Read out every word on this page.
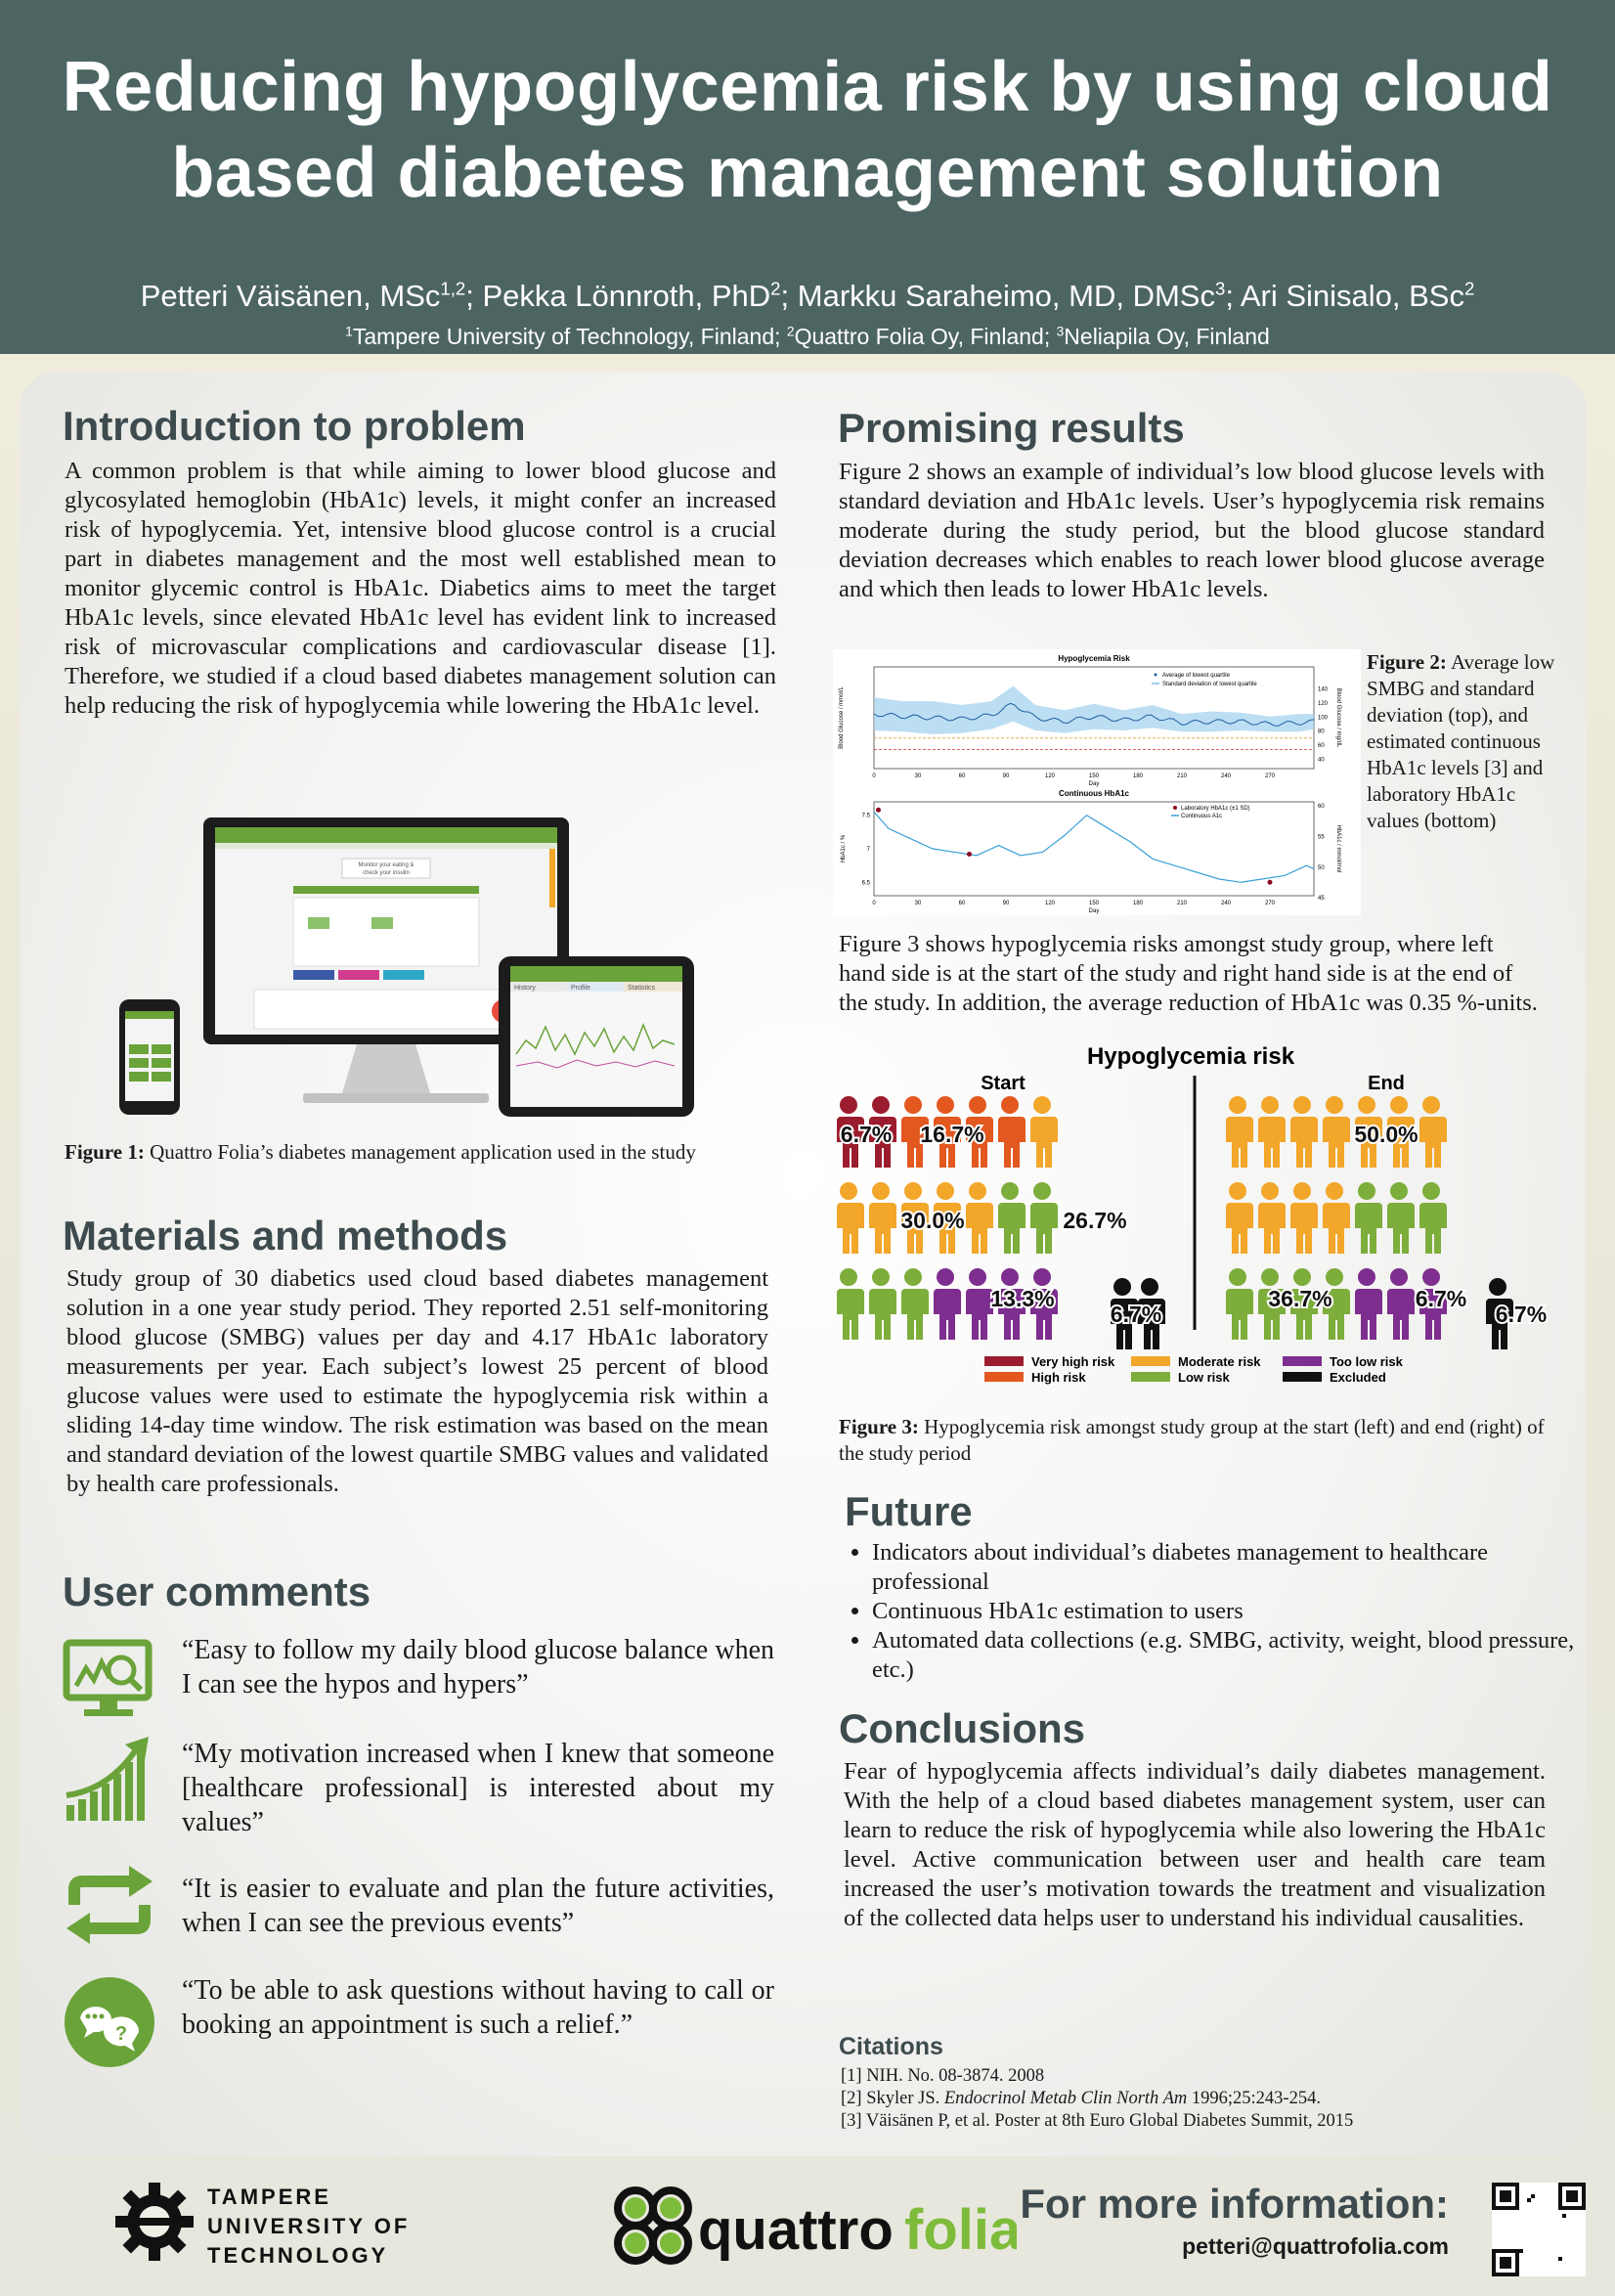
Reducing hypoglycemia risk by using cloud
based diabetes management solution
Petteri Väisänen, MSc$^{1,2}$; Pekka Lönnroth, PhD$^2$; Markku Saraheimo, MD, DMSc$^3$; Ari Sinisalo, BSc$^2$
$^1$Tampere University of Technology, Finland; $^2$Quattro Folia Oy, Finland; $^3$Neliapila Oy, Finland
Introduction to problem

A common problem is that while aiming to lower blood glucose and glycosylated hemoglobin (HbA1c) levels, it might confer an increased risk of hypoglycemia. Yet, intensive blood glucose control is a crucial part in diabetes management and the most well established mean to monitor glycemic control is HbA1c. Diabetics aims to meet the target HbA1c levels, since elevated HbA1c level has evident link to increased risk of microvascular complications and cardiovascular disease [1]. Therefore, we studied if a cloud based diabetes management solution can help reducing the risk of hypoglycemia while lowering the HbA1c level.

Monitor your eating &
check your insulin
History	Profile	Statistics
Figure 1: Quattro Folia’s diabetes management application used in the study
Materials and methods

Study group of 30 diabetics used cloud based diabetes management solution in a one year study period. They reported 2.51 self-monitoring blood glucose (SMBG) values per day and 4.17 HbA1c laboratory measurements per year. Each subject’s lowest 25 percent of blood glucose values were used to estimate the hypoglycemia risk within a sliding 14-day time window. The risk estimation was based on the mean and standard deviation of the lowest quartile SMBG values and validated by health care professionals.

User comments
“Easy to follow my daily blood glucose balance when I can see the hypos and hypers”
“My motivation increased when I knew that someone [healthcare professional] is interested about my values”
“It is easier to evaluate and plan the future activities, when I can see the previous events”
?
“To be able to ask questions without having to call or booking an appointment is such a relief.”
Promising results

Figure 2 shows an example of individual’s low blood glucose levels with standard deviation and HbA1c levels. User’s hypoglycemia risk remains moderate during the study period, but the blood glucose standard deviation decreases which enables to reach lower blood glucose average and which then leads to lower HbA1c levels.

Hypoglycemia Risk
0	30	60	90	120	150	180	210	240	270
Day
40
60
80
100
120
140
Blood Glucose / mmol/L	Blood Glucose / mg/dL
Average of lowest quartile
Standard deviation of lowest quartile
Continuous HbA1c
0	30	60	90	120	150	180	210	240	270
Day
6.5
7
7.5
45
50
55
60
HbA1c / %	HbA1c / mmol/mol
Laboratory HbA1c (±1 SD)
Continuous A1c
Figure 2: Average low SMBG and standard deviation (top), and estimated continuous HbA1c levels [3] and laboratory HbA1c values (bottom)

Figure 3 shows hypoglycemia risks amongst study group, where left hand side is at the start of the study and right hand side is at the end of the study. In addition, the average reduction of HbA1c was 0.35 %-units.

Hypoglycemia risk
Start	End
6.7% 16.7%
30.0%	26.7%
13.3%
6.7%
50.0%
36.7%	6.7%
6.7%
Very high risk
High risk
Moderate risk
Low risk
Too low risk
Excluded
Figure 3: Hypoglycemia risk amongst study group at the start (left) and end (right) of the study period
Future
• Indicators about individual’s diabetes management to healthcare professional
• Continuous HbA1c estimation to users
• Automated data collections (e.g. SMBG, activity, weight, blood pressure, etc.)
Conclusions

Fear of hypoglycemia affects individual’s daily diabetes management. With the help of a cloud based diabetes management system, user can learn to reduce the risk of hypoglycemia while also lowering the HbA1c level. Active communication between user and health care team increased the user’s motivation towards the treatment and visualization of the collected data helps user to understand his individual causalities.

Citations
[1] NIH. No. 08-3874. 2008
[2] Skyler JS. Endocrinol Metab Clin North Am 1996;25:243-254.
[3] Väisänen P, et al. Poster at 8th Euro Global Diabetes Summit, 2015
TAMPERE
UNIVERSITY OF
TECHNOLOGY	quattro folia For more information:
petteri@quattrofolia.com
